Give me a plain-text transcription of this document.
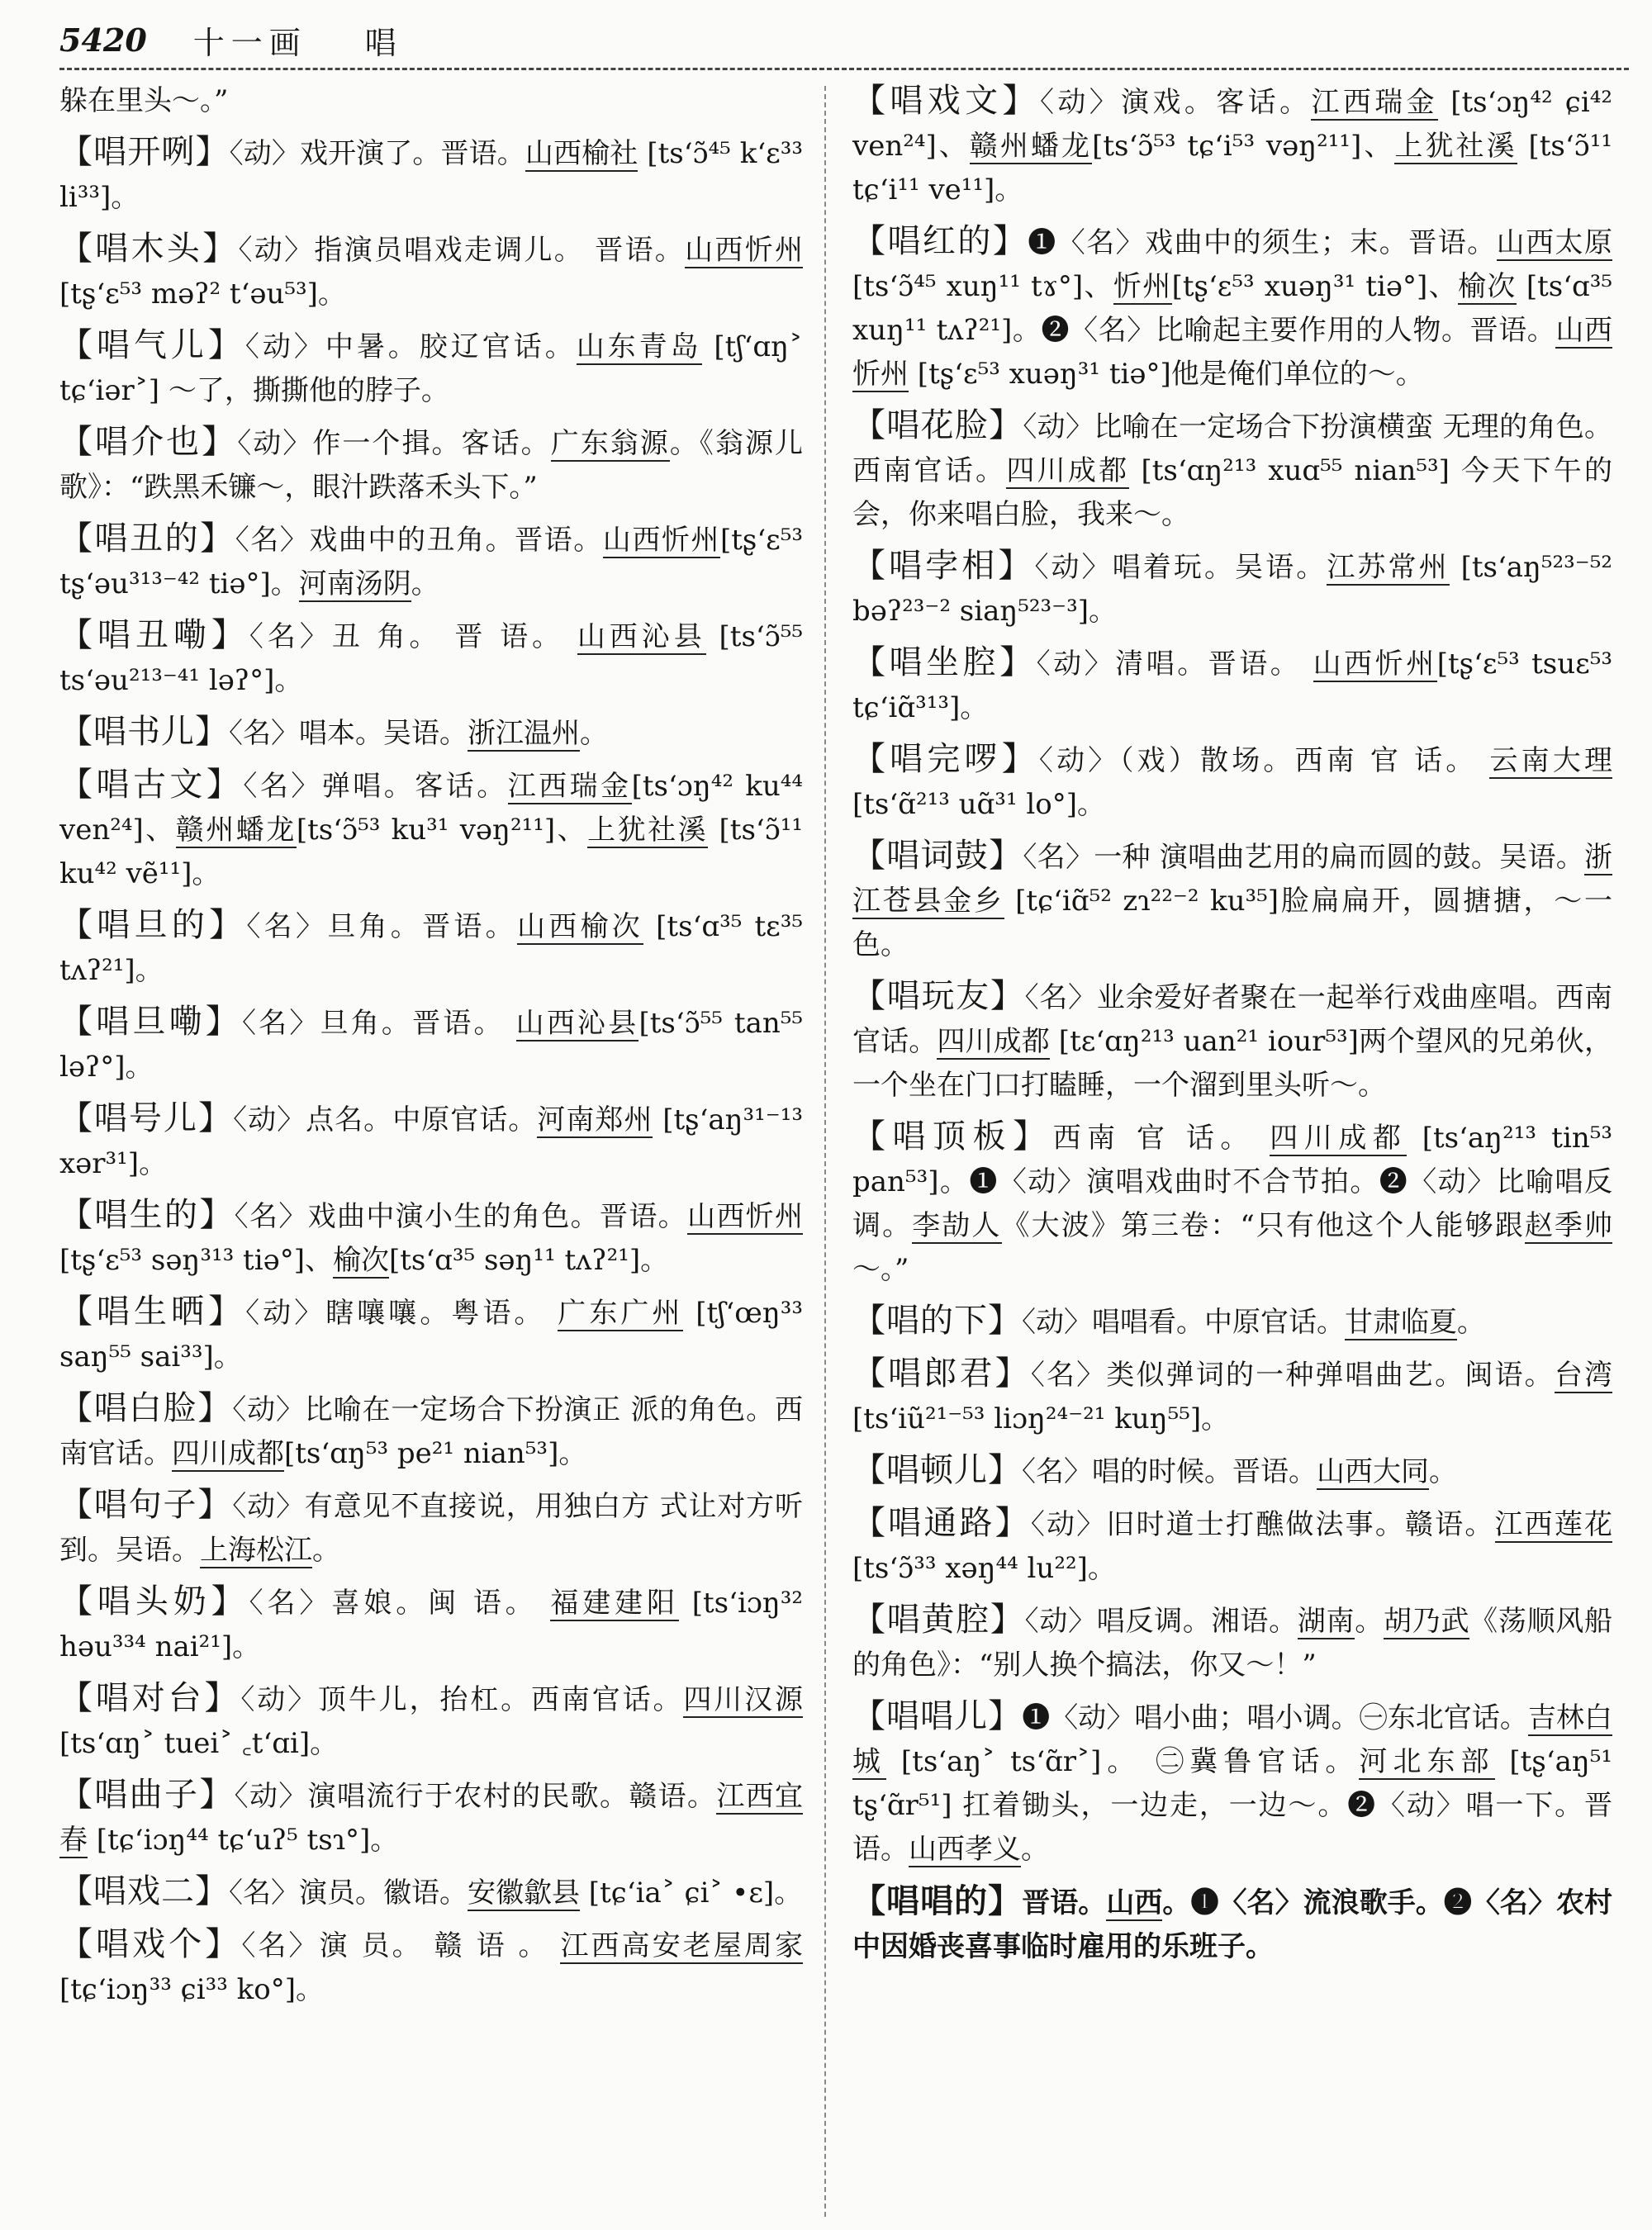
5420 十一画 唱
躲在里头～。”
【唱开咧】〈动〉戏开演了。晋语。山西榆社 [ts‘ɔ̃⁴⁵ k‘ɛ³³ li³³]。
【唱木头】〈动〉指演员唱戏走调儿。 晋语。山西忻州 [tʂ‘ɛ⁵³ məʔ² t‘əu⁵³]。
【唱气儿】〈动〉中暑。胶辽官话。山东青岛 [tʃ‘ɑŋ˃ tɕ‘iər˃] ～了，撕撕他的脖子。
【唱介也】〈动〉作一个揖。客话。广东翁源。《翁源儿歌》：“跌黑禾镰～，眼汁跌落禾头下。”
【唱丑的】〈名〉戏曲中的丑角。晋语。山西忻州[tʂ‘ɛ⁵³ tʂ‘əu³¹³⁻⁴² tiə°]。河南汤阴。
【唱丑嘞】〈名〉丑 角。 晋 语。 山西沁县 [ts‘ɔ̃⁵⁵ ts‘əu²¹³⁻⁴¹ ləʔ°]。
【唱书儿】〈名〉唱本。吴语。浙江温州。
【唱古文】〈名〉弹唱。客话。江西瑞金[ts‘ɔŋ⁴² ku⁴⁴ ven²⁴]、赣州蟠龙[ts‘ɔ̃⁵³ ku³¹ vəŋ²¹¹]、上犹社溪 [ts‘ɔ̃¹¹ ku⁴² vẽ¹¹]。
【唱旦的】〈名〉旦角。晋语。山西榆次 [ts‘ɑ³⁵ tɛ³⁵ tʌʔ²¹]。
【唱旦嘞】〈名〉旦角。晋语。 山西沁县[ts‘ɔ̃⁵⁵ tan⁵⁵ ləʔ°]。
【唱号儿】〈动〉点名。中原官话。河南郑州 [tʂ‘aŋ³¹⁻¹³ xər³¹]。
【唱生的】〈名〉戏曲中演小生的角色。晋语。山西忻州 [tʂ‘ɛ⁵³ səŋ³¹³ tiə°]、榆次[ts‘ɑ³⁵ səŋ¹¹ tʌʔ²¹]。
【唱生晒】〈动〉瞎嚷嚷。粤语。 广东广州 [tʃ‘œŋ³³ saŋ⁵⁵ sai³³]。
【唱白脸】〈动〉比喻在一定场合下扮演正 派的角色。西南官话。四川成都[ts‘ɑŋ⁵³ pe²¹ nian⁵³]。
【唱句子】〈动〉有意见不直接说，用独白方 式让对方听到。吴语。上海松江。
【唱头奶】〈名〉喜娘。闽 语。 福建建阳 [ts‘iɔŋ³² həu³³⁴ nai²¹]。
【唱对台】〈动〉顶牛儿，抬杠。西南官话。四川汉源 [ts‘ɑŋ˃ tuei˃ ꜀t‘ɑi]。
【唱曲子】〈动〉演唱流行于农村的民歌。赣语。江西宜春 [tɕ‘iɔŋ⁴⁴ tɕ‘uʔ⁵ tsɿ°]。
【唱戏二】〈名〉演员。徽语。安徽歙县 [tɕ‘ia˃ ɕi˃ •ɛ]。
【唱戏个】〈名〉演 员。 赣 语 。 江西高安老屋周家 [tɕ‘iɔŋ³³ ɕi³³ ko°]。
【唱戏文】〈动〉演戏。客话。江西瑞金 [ts‘ɔŋ⁴² ɕi⁴² ven²⁴]、赣州蟠龙[ts‘ɔ̃⁵³ tɕ‘i⁵³ vəŋ²¹¹]、上犹社溪 [ts‘ɔ̃¹¹ tɕ‘i¹¹ ve¹¹]。
【唱红的】❶〈名〉戏曲中的须生；末。晋语。山西太原 [ts‘ɔ̃⁴⁵ xuŋ¹¹ tɤ°]、忻州[tʂ‘ɛ⁵³ xuəŋ³¹ tiə°]、榆次 [ts‘ɑ³⁵ xuŋ¹¹ tʌʔ²¹]。❷〈名〉比喻起主要作用的人物。晋语。山西忻州 [tʂ‘ɛ⁵³ xuəŋ³¹ tiə°]他是俺们单位的～。
【唱花脸】〈动〉比喻在一定场合下扮演横蛮 无理的角色。西南官话。四川成都 [ts‘ɑŋ²¹³ xuɑ⁵⁵ nian⁵³] 今天下午的会，你来唱白脸，我来～。
【唱孛相】〈动〉唱着玩。吴语。江苏常州 [ts‘aŋ⁵²³⁻⁵² bəʔ²³⁻² siaŋ⁵²³⁻³]。
【唱坐腔】〈动〉清唱。晋语。 山西忻州[tʂ‘ɛ⁵³ tsuɛ⁵³ tɕ‘iɑ̃³¹³]。
【唱完啰】〈动〉（戏）散场。西南 官 话。 云南大理 [ts‘ɑ̃²¹³ uɑ̃³¹ lo°]。
【唱词鼓】〈名〉一种 演唱曲艺用的扁而圆的鼓。吴语。浙江苍县金乡 [tɕ‘iɑ̃⁵² zɿ²²⁻² ku³⁵]脸扁扁开，圆搪搪，～一色。
【唱玩友】〈名〉业余爱好者聚在一起举行戏曲座唱。西南官话。四川成都 [tɛ‘ɑŋ²¹³ uan²¹ iour⁵³]两个望风的兄弟伙，一个坐在门口打瞌睡，一个溜到里头听～。
【唱顶板】西南 官 话。 四川成都 [ts‘aŋ²¹³ tin⁵³ pan⁵³]。❶〈动〉演唱戏曲时不合节拍。❷〈动〉比喻唱反调。李劼人《大波》第三卷：“只有他这个人能够跟赵季帅～。”
【唱的下】〈动〉唱唱看。中原官话。甘肃临夏。
【唱郎君】〈名〉类似弹词的一种弹唱曲艺。闽语。台湾 [ts‘iũ²¹⁻⁵³ liɔŋ²⁴⁻²¹ kuŋ⁵⁵]。
【唱顿儿】〈名〉唱的时候。晋语。山西大同。
【唱通路】〈动〉旧时道士打醮做法事。赣语。江西莲花 [ts‘ɔ̃³³ xəŋ⁴⁴ lu²²]。
【唱黄腔】〈动〉唱反调。湘语。湖南。胡乃武《荡顺风船的角色》：“别人换个搞法，你又～！”
【唱唱儿】❶〈动〉唱小曲；唱小调。㊀东北官话。吉林白城 [ts‘aŋ˃ ts‘ɑ̃r˃]。 ㊁冀鲁官话。河北东部 [tʂ‘aŋ⁵¹ tʂ‘ɑ̃r⁵¹] 扛着锄头，一边走，一边～。❷〈动〉唱一下。晋语。山西孝义。
【唱唱的】晋语。山西。❶〈名〉流浪歌手。❷〈名〉农村中因婚丧喜事临时雇用的乐班子。
